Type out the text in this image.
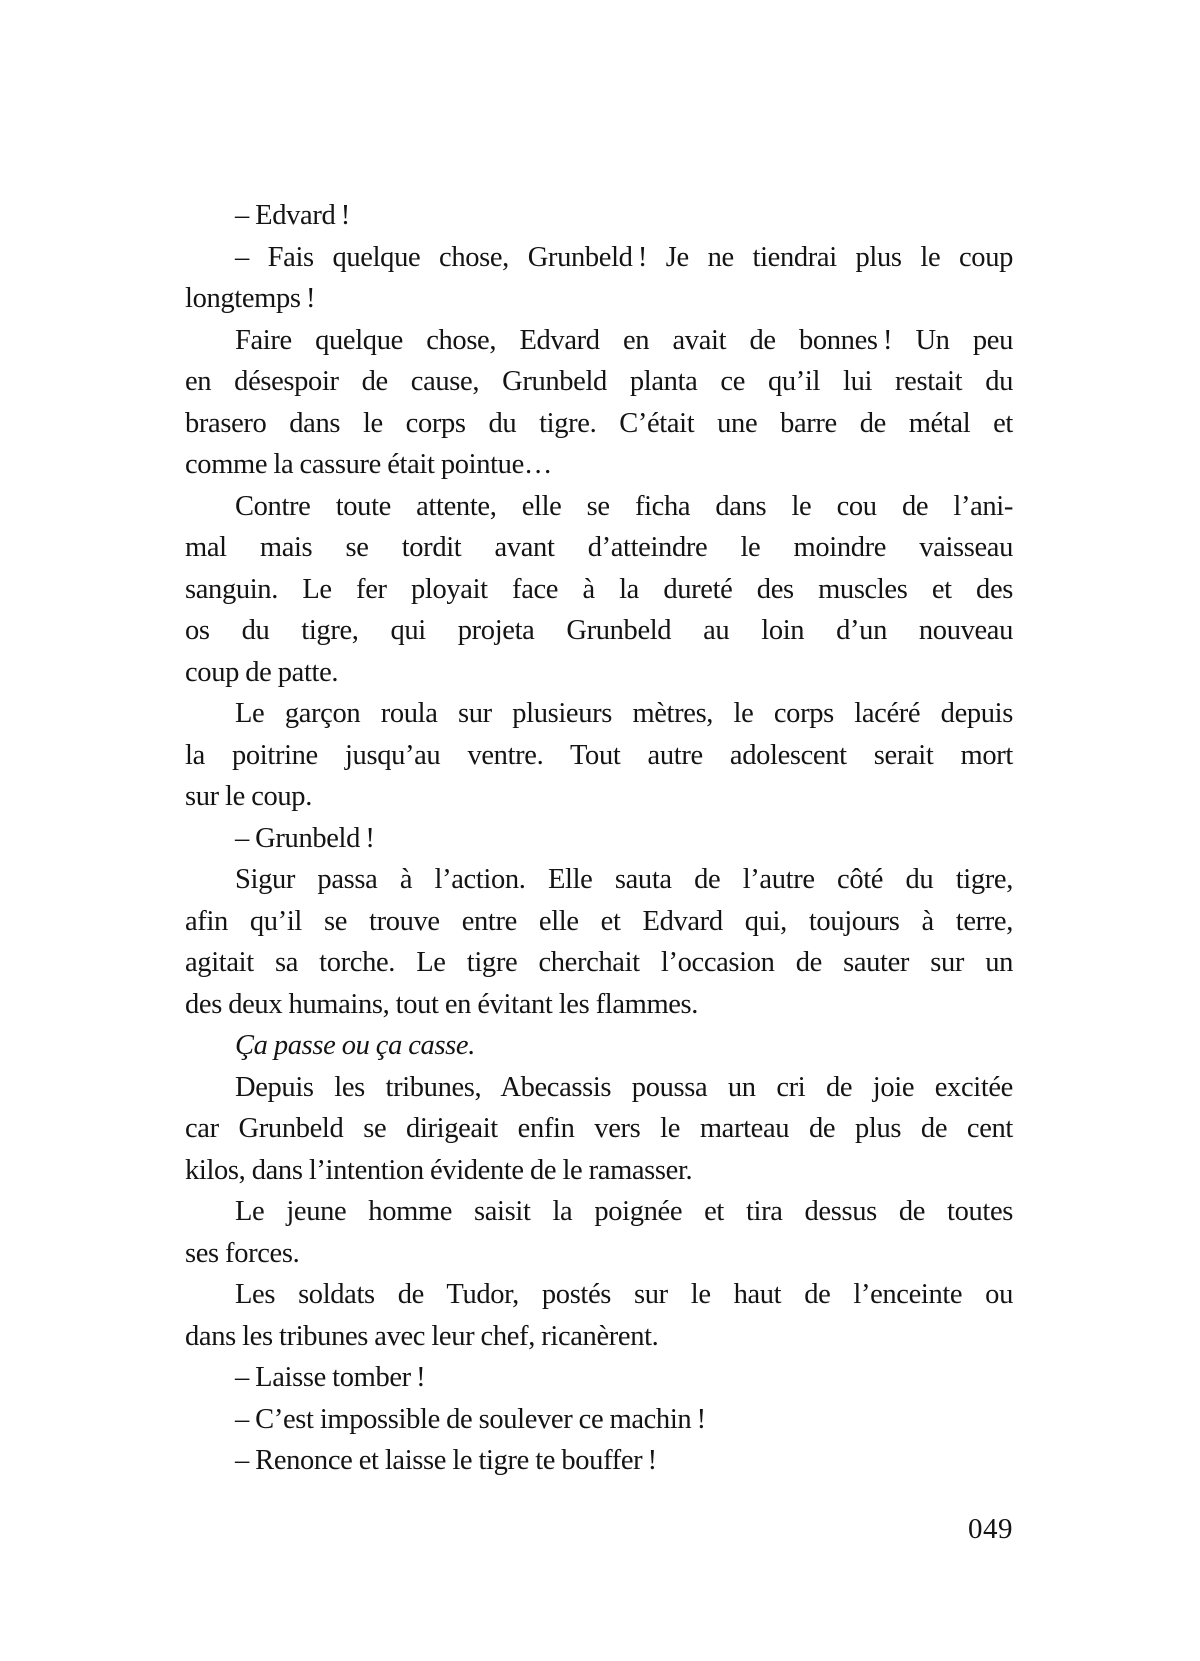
– Edvard !
– Fais quelque chose, Grunbeld ! Je ne tiendrai plus le coup
longtemps !
Faire quelque chose, Edvard en avait de bonnes ! Un peu
en désespoir de cause, Grunbeld planta ce qu’il lui restait du
brasero dans le corps du tigre. C’était une barre de métal et
comme la cassure était pointue…
Contre toute attente, elle se ficha dans le cou de l’ani-
mal mais se tordit avant d’atteindre le moindre vaisseau
sanguin. Le fer ployait face à la dureté des muscles et des
os du tigre, qui projeta Grunbeld au loin d’un nouveau
coup de patte.
Le garçon roula sur plusieurs mètres, le corps lacéré depuis
la poitrine jusqu’au ventre. Tout autre adolescent serait mort
sur le coup.
– Grunbeld !
Sigur passa à l’action. Elle sauta de l’autre côté du tigre,
afin qu’il se trouve entre elle et Edvard qui, toujours à terre,
agitait sa torche. Le tigre cherchait l’occasion de sauter sur un
des deux humains, tout en évitant les flammes.
Ça passe ou ça casse.
Depuis les tribunes, Abecassis poussa un cri de joie excitée
car Grunbeld se dirigeait enfin vers le marteau de plus de cent
kilos, dans l’intention évidente de le ramasser.
Le jeune homme saisit la poignée et tira dessus de toutes
ses forces.
Les soldats de Tudor, postés sur le haut de l’enceinte ou
dans les tribunes avec leur chef, ricanèrent.
– Laisse tomber !
– C’est impossible de soulever ce machin !
– Renonce et laisse le tigre te bouffer !
049
